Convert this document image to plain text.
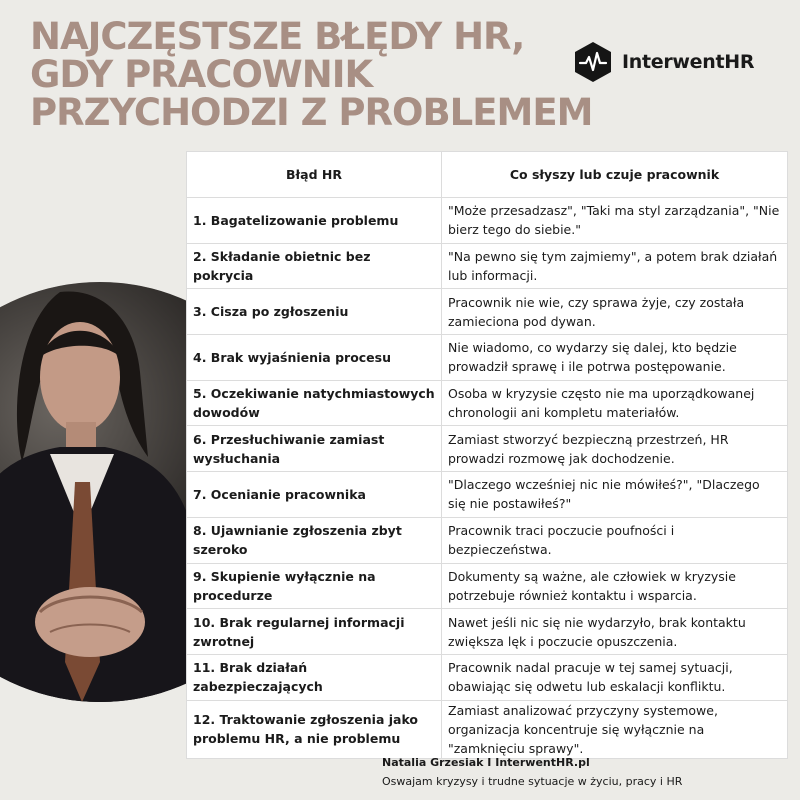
NAJCZĘSTSZE BŁĘDY HR,
GDY PRACOWNIK
PRZYCHODZI Z PROBLEMEM
InterwentHR
Błąd HR	Co słyszy lub czuje pracownik
1. Bagatelizowanie problemu	"Może przesadzasz", "Taki ma styl zarządzania", "Nie bierz tego do siebie."
2. Składanie obietnic bez pokrycia	"Na pewno się tym zajmiemy", a potem brak działań lub informacji.
3. Cisza po zgłoszeniu	Pracownik nie wie, czy sprawa żyje, czy została zamieciona pod dywan.
4. Brak wyjaśnienia procesu	Nie wiadomo, co wydarzy się dalej, kto będzie prowadził sprawę i ile potrwa postępowanie.
5. Oczekiwanie natychmiastowych dowodów	Osoba w kryzysie często nie ma uporządkowanej chronologii ani kompletu materiałów.
6. Przesłuchiwanie zamiast wysłuchania	Zamiast stworzyć bezpieczną przestrzeń, HR prowadzi rozmowę jak dochodzenie.
7. Ocenianie pracownika	"Dlaczego wcześniej nic nie mówiłeś?", "Dlaczego się nie postawiłeś?"
8. Ujawnianie zgłoszenia zbyt szeroko	Pracownik traci poczucie poufności i bezpieczeństwa.
9. Skupienie wyłącznie na procedurze	Dokumenty są ważne, ale człowiek w kryzysie potrzebuje również kontaktu i wsparcia.
10. Brak regularnej informacji zwrotnej	Nawet jeśli nic się nie wydarzyło, brak kontaktu zwiększa lęk i poczucie opuszczenia.
11. Brak działań zabezpieczających	Pracownik nadal pracuje w tej samej sytuacji, obawiając się odwetu lub eskalacji konfliktu.
12. Traktowanie zgłoszenia jako problemu HR, a nie problemu	Zamiast analizować przyczyny systemowe, organizacja koncentruje się wyłącznie na "zamknięciu sprawy".
Natalia Grzesiak I InterwentHR.pl
Oswajam kryzysy i trudne sytuacje w życiu, pracy i HR
